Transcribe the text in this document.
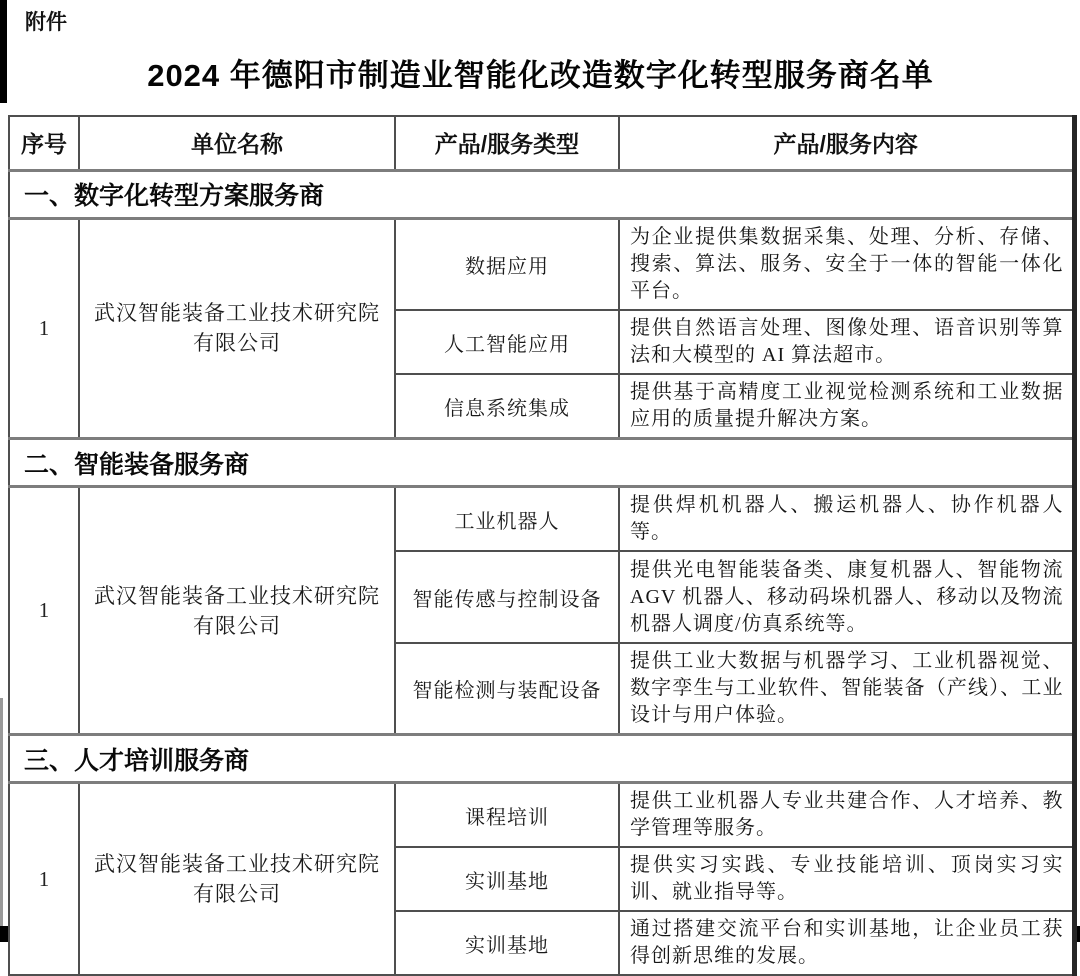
附件
2024 年德阳市制造业智能化改造数字化转型服务商名单
序号	单位名称	产品/服务类型	产品/服务内容
一、数字化转型方案服务商			
1	武汉智能装备工业技术研究院有限公司	数据应用	为企业提供集数据采集、处理、分析、存储、搜索、算法、服务、安全于一体的智能一体化平台。
		人工智能应用	提供自然语言处理、图像处理、语音识别等算法和大模型的 AI 算法超市。
		信息系统集成	提供基于高精度工业视觉检测系统和工业数据应用的质量提升解决方案。
二、智能装备服务商			
1	武汉智能装备工业技术研究院有限公司	工业机器人	提供焊机机器人、搬运机器人、协作机器人等。
		智能传感与控制设备	提供光电智能装备类、康复机器人、智能物流 AGV 机器人、移动码垛机器人、移动以及物流机器人调度/仿真系统等。
		智能检测与装配设备	提供工业大数据与机器学习、工业机器视觉、数字孪生与工业软件、智能装备（产线）、工业设计与用户体验。
三、人才培训服务商			
1	武汉智能装备工业技术研究院有限公司	课程培训	提供工业机器人专业共建合作、人才培养、教学管理等服务。
		实训基地	提供实习实践、专业技能培训、顶岗实习实训、就业指导等。
		实训基地	通过搭建交流平台和实训基地，让企业员工获得创新思维的发展。
